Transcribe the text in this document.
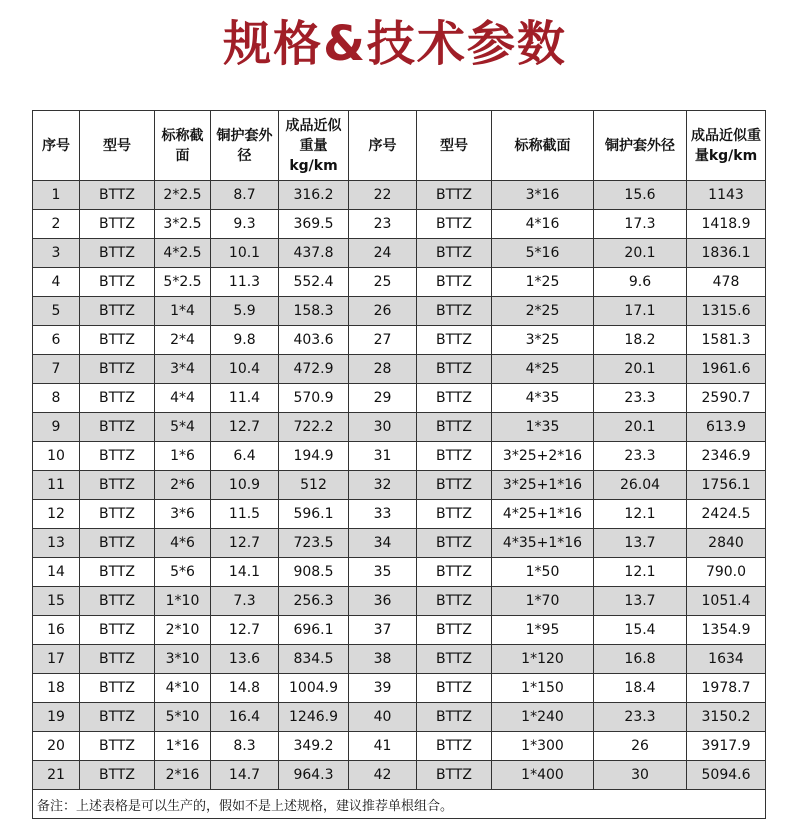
规格&技术参数
序号	型号	标称截面	铜护套外径	成品近似重量kg/km	序号	型号	标称截面	铜护套外径	成品近似重量kg/km
1	BTTZ	2*2.5	8.7	316.2	22	BTTZ	3*16	15.6	1143
2	BTTZ	3*2.5	9.3	369.5	23	BTTZ	4*16	17.3	1418.9
3	BTTZ	4*2.5	10.1	437.8	24	BTTZ	5*16	20.1	1836.1
4	BTTZ	5*2.5	11.3	552.4	25	BTTZ	1*25	9.6	478
5	BTTZ	1*4	5.9	158.3	26	BTTZ	2*25	17.1	1315.6
6	BTTZ	2*4	9.8	403.6	27	BTTZ	3*25	18.2	1581.3
7	BTTZ	3*4	10.4	472.9	28	BTTZ	4*25	20.1	1961.6
8	BTTZ	4*4	11.4	570.9	29	BTTZ	4*35	23.3	2590.7
9	BTTZ	5*4	12.7	722.2	30	BTTZ	1*35	20.1	613.9
10	BTTZ	1*6	6.4	194.9	31	BTTZ	3*25+2*16	23.3	2346.9
11	BTTZ	2*6	10.9	512	32	BTTZ	3*25+1*16	26.04	1756.1
12	BTTZ	3*6	11.5	596.1	33	BTTZ	4*25+1*16	12.1	2424.5
13	BTTZ	4*6	12.7	723.5	34	BTTZ	4*35+1*16	13.7	2840
14	BTTZ	5*6	14.1	908.5	35	BTTZ	1*50	12.1	790.0
15	BTTZ	1*10	7.3	256.3	36	BTTZ	1*70	13.7	1051.4
16	BTTZ	2*10	12.7	696.1	37	BTTZ	1*95	15.4	1354.9
17	BTTZ	3*10	13.6	834.5	38	BTTZ	1*120	16.8	1634
18	BTTZ	4*10	14.8	1004.9	39	BTTZ	1*150	18.4	1978.7
19	BTTZ	5*10	16.4	1246.9	40	BTTZ	1*240	23.3	3150.2
20	BTTZ	1*16	8.3	349.2	41	BTTZ	1*300	26	3917.9
21	BTTZ	2*16	14.7	964.3	42	BTTZ	1*400	30	5094.6
备注：上述表格是可以生产的，假如不是上述规格，建议推荐单根组合。									
